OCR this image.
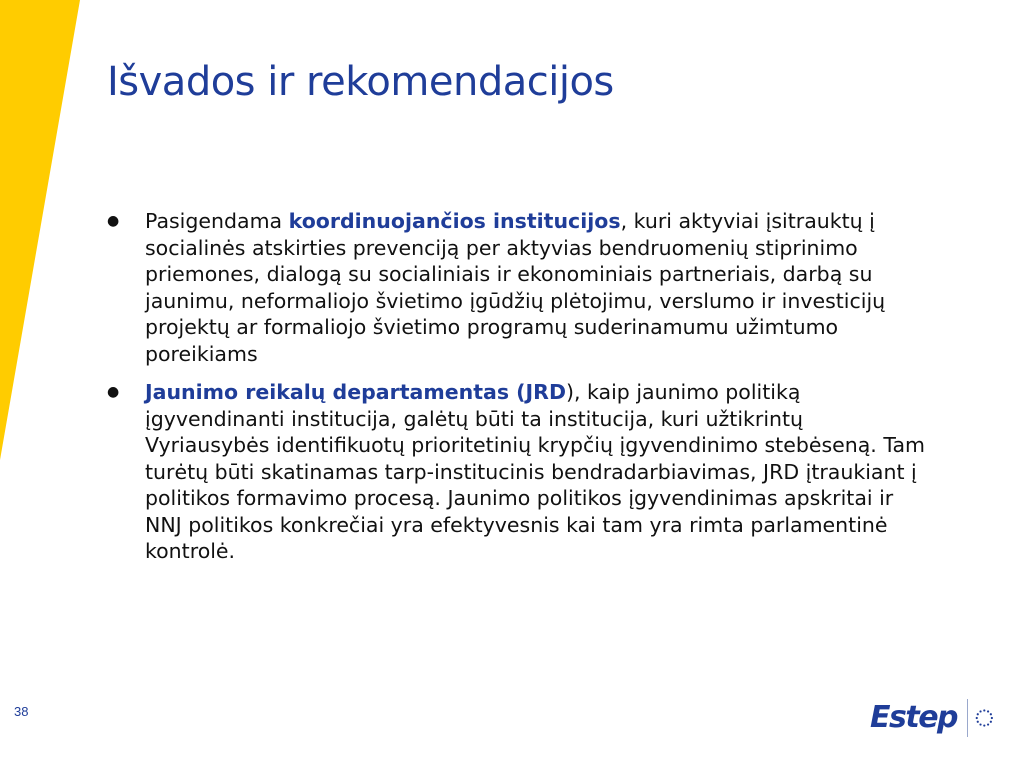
Išvados ir rekomendacijos
● Pasigendama koordinuojančios institucijos, kuri aktyviai įsitrauktų į socialinės atskirties prevenciją per aktyvias bendruomenių stiprinimo priemones, dialogą su socialiniais ir ekonominiais partneriais, darbą su jaunimu, neformaliojo švietimo įgūdžių plėtojimu, verslumo ir investicijų projektų ar formaliojo švietimo programų suderinamumu užimtumo poreikiams
● Jaunimo reikalų departamentas (JRD), kaip jaunimo politiką įgyvendinanti institucija, galėtų būti ta institucija, kuri užtikrintų Vyriausybės identifikuotų prioritetinių krypčių įgyvendinimo stebėseną. Tam turėtų būti skatinamas tarp-institucinis bendradarbiavimas, JRD įtraukiant į politikos formavimo procesą. Jaunimo politikos įgyvendinimas apskritai ir NNJ politikos konkrečiai yra efektyvesnis kai tam yra rimta parlamentinė kontrolė.
38	Estep
